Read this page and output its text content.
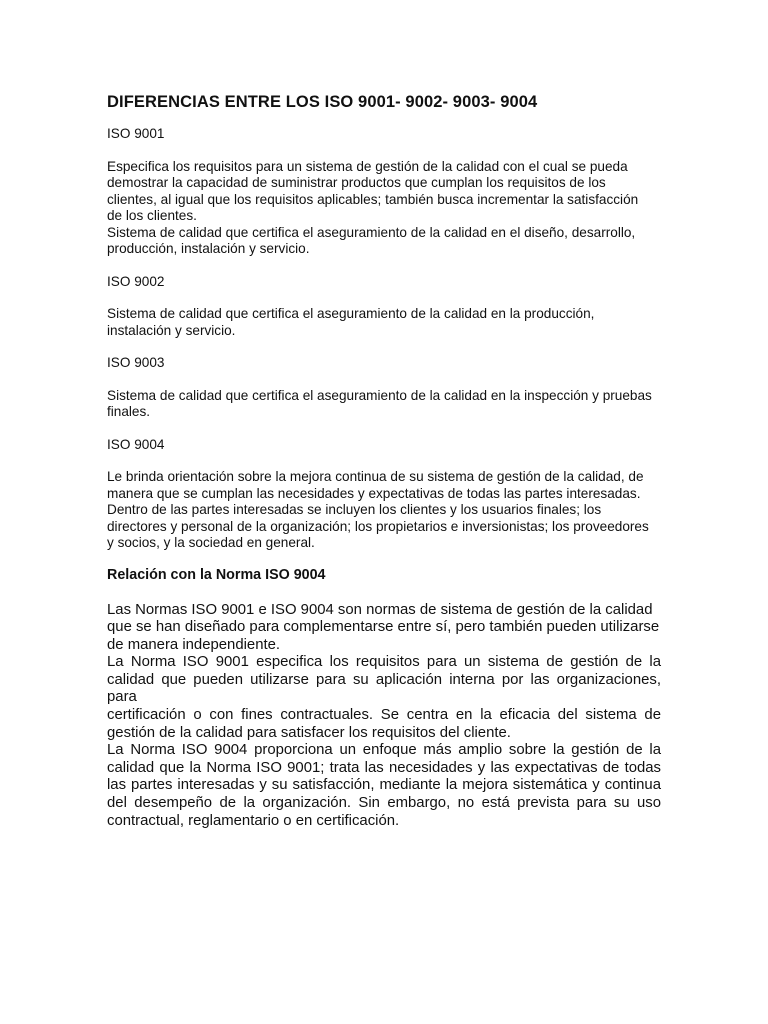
DIFERENCIAS ENTRE LOS ISO 9001- 9002- 9003- 9004
ISO 9001
Especifica los requisitos para un sistema de gestión de la calidad con el cual se pueda
demostrar la capacidad de suministrar productos que cumplan los requisitos de los
clientes, al igual que los requisitos aplicables; también busca incrementar la satisfacción
de los clientes.
Sistema de calidad que certifica el aseguramiento de la calidad en el diseño, desarrollo,
producción, instalación y servicio.
ISO 9002
Sistema de calidad que certifica el aseguramiento de la calidad en la producción,
instalación y servicio.
ISO 9003
Sistema de calidad que certifica el aseguramiento de la calidad en la inspección y pruebas
finales.
ISO 9004
Le brinda orientación sobre la mejora continua de su sistema de gestión de la calidad, de
manera que se cumplan las necesidades y expectativas de todas las partes interesadas.
Dentro de las partes interesadas se incluyen los clientes y los usuarios finales; los
directores y personal de la organización; los propietarios e inversionistas; los proveedores
y socios, y la sociedad en general.
Relación con la Norma ISO 9004
Las Normas ISO 9001 e ISO 9004 son normas de sistema de gestión de la calidad
que se han diseñado para complementarse entre sí, pero también pueden utilizarse
de manera independiente.
La Norma ISO 9001 especifica los requisitos para un sistema de gestión de la
calidad que pueden utilizarse para su aplicación interna por las organizaciones, para
certificación o con fines contractuales. Se centra en la eficacia del sistema de
gestión de la calidad para satisfacer los requisitos del cliente.
La Norma ISO 9004 proporciona un enfoque más amplio sobre la gestión de la
calidad que la Norma ISO 9001; trata las necesidades y las expectativas de todas
las partes interesadas y su satisfacción, mediante la mejora sistemática y continua
del desempeño de la organización. Sin embargo, no está prevista para su uso
contractual, reglamentario o en certificación.
